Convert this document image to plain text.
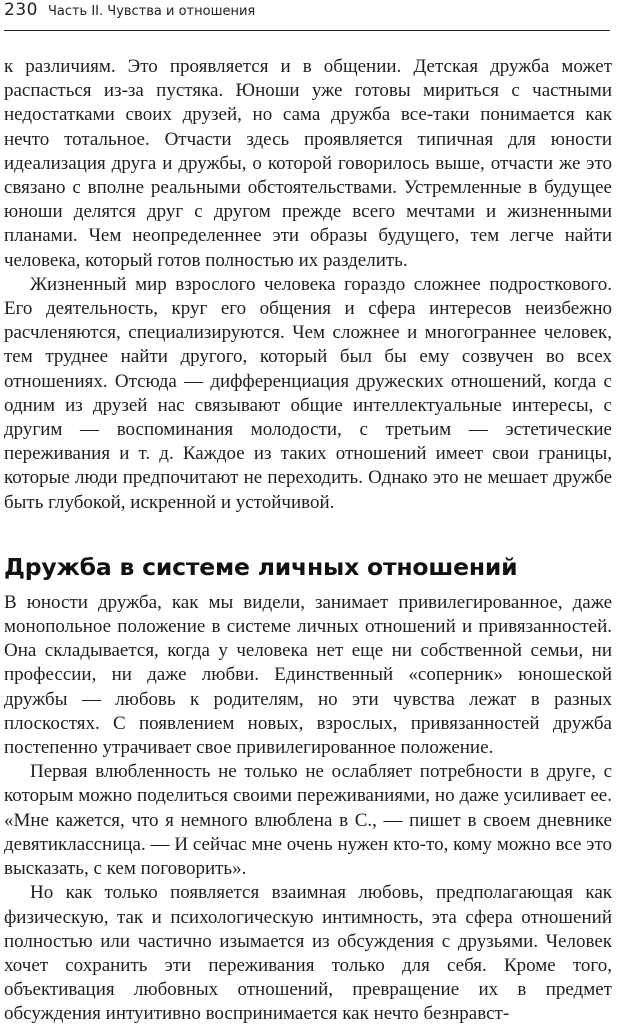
230 Часть II. Чувства и отношения

к различиям. Это проявляется и в общении. Детская дружба может распасться из-за пустяка. Юноши уже готовы мириться с частными недостатками своих друзей, но сама дружба все-таки понимается как нечто тотальное. Отчасти здесь проявляется типичная для юности идеализация друга и дружбы, о которой говорилось выше, отчасти же это связано с вполне реальными обстоятельствами. Устремленные в будущее юноши делятся друг с другом прежде всего мечтами и жизненными планами. Чем неопределеннее эти образы будущего, тем легче найти человека, который готов полностью их разделить.

Жизненный мир взрослого человека гораздо сложнее подросткового. Его деятельность, круг его общения и сфера интересов неизбежно расчленяются, специализируются. Чем сложнее и многограннее человек, тем труднее найти другого, который был бы ему созвучен во всех отношениях. Отсюда — дифференциация дружеских отношений, когда с одним из друзей нас связывают общие интеллектуальные интересы, с другим — воспоминания молодости, с третьим — эстетические переживания и т. д. Каждое из таких отношений имеет свои границы, которые люди предпочитают не переходить. Однако это не мешает дружбе быть глубокой, искренной и устойчивой.

Дружба в системе личных отношений

В юности дружба, как мы видели, занимает привилегированное, даже монопольное положение в системе личных отношений и привязанностей. Она складывается, когда у человека нет еще ни собственной семьи, ни профессии, ни даже любви. Единственный «соперник» юношеской дружбы — любовь к родителям, но эти чувства лежат в разных плоскостях. С появлением новых, взрослых, привязанностей дружба постепенно утрачивает свое привилегированное положение.

Первая влюбленность не только не ослабляет потребности в друге, с которым можно поделиться своими переживаниями, но даже усиливает ее. «Мне кажется, что я немного влюблена в С., — пишет в своем дневнике девятиклассница. — И сейчас мне очень нужен кто-то, кому можно все это высказать, с кем поговорить».

Но как только появляется взаимная любовь, предполагающая как физическую, так и психологическую интимность, эта сфера отношений полностью или частично изымается из обсуждения с друзьями. Человек хочет сохранить эти переживания только для себя. Кроме того, объективация любовных отношений, превращение их в предмет обсуждения интуитивно воспринимается как нечто безнравст-
